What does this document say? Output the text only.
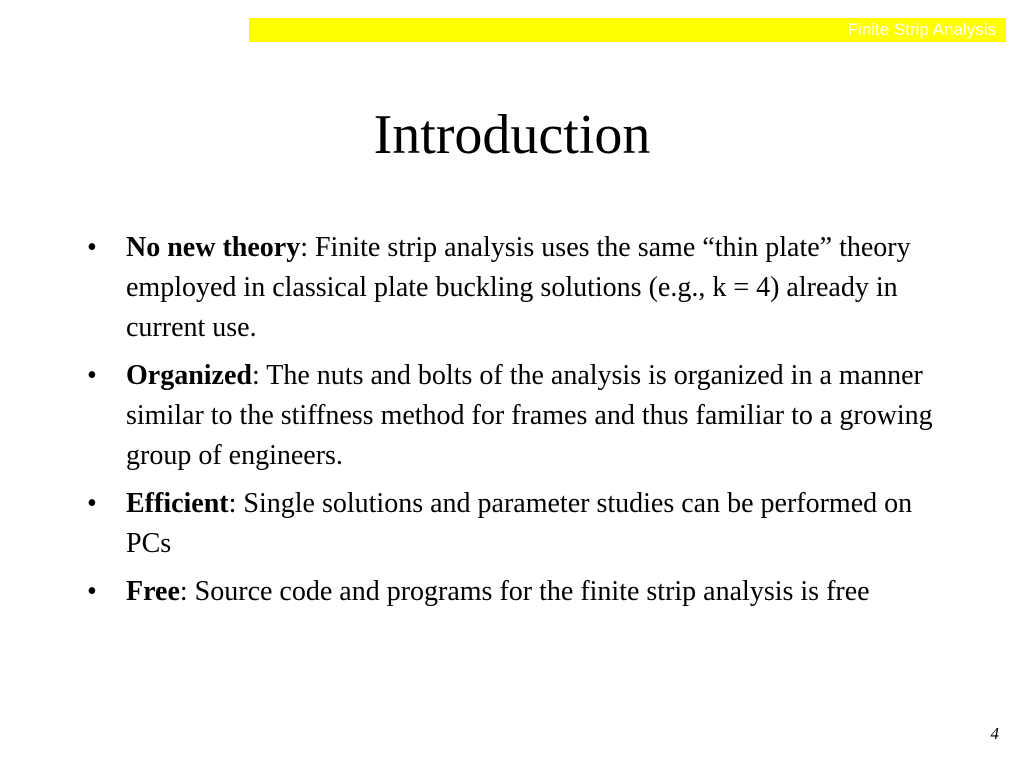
Finite Strip Analysis
Introduction
• No new theory: Finite strip analysis uses the same “thin plate” theory employed in classical plate buckling solutions (e.g., k = 4) already in current use.
• Organized: The nuts and bolts of the analysis is organized in a manner similar to the stiffness method for frames and thus familiar to a growing group of engineers.
• Efficient: Single solutions and parameter studies can be performed on PCs
• Free: Source code and programs for the finite strip analysis is free
4
